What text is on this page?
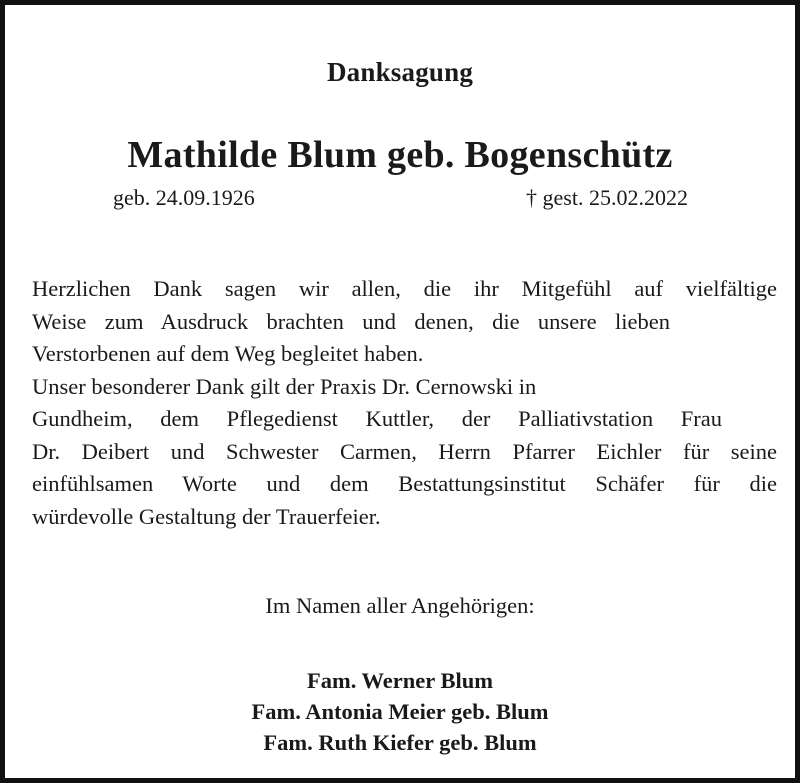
Danksagung
Mathilde Blum geb. Bogenschütz
geb. 24.09.1926	† gest. 25.02.2022
Herzlichen Dank sagen wir allen, die ihr Mitgefühl auf vielfältige
Weise zum Ausdruck brachten und denen, die unsere lieben
Verstorbenen auf dem Weg begleitet haben.
Unser besonderer Dank gilt der Praxis Dr. Cernowski in
Gundheim, dem Pflegedienst Kuttler, der Palliativstation Frau
Dr. Deibert und Schwester Carmen, Herrn Pfarrer Eichler für seine
einfühlsamen Worte und dem Bestattungsinstitut Schäfer für die
würdevolle Gestaltung der Trauerfeier.
Im Namen aller Angehörigen:
Fam. Werner Blum
Fam. Antonia Meier geb. Blum
Fam. Ruth Kiefer geb. Blum
